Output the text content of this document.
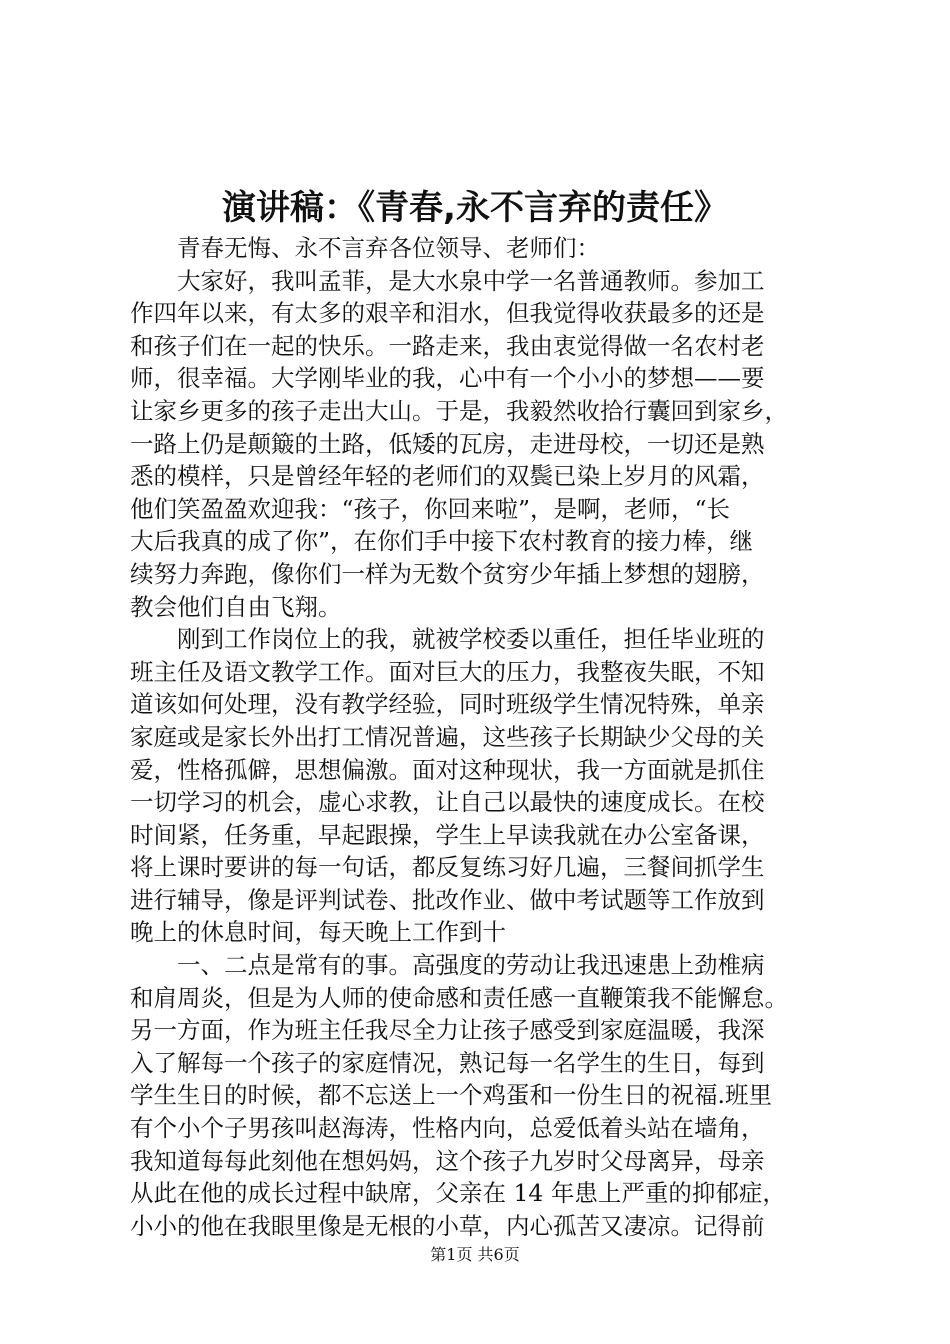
演讲稿：《青春,永不言弃的责任》
青春无悔、永不言弃各位领导、老师们：
大家好，我叫孟菲，是大水泉中学一名普通教师。参加工
作四年以来，有太多的艰辛和泪水，但我觉得收获最多的还是
和孩子们在一起的快乐。一路走来，我由衷觉得做一名农村老
师，很幸福。大学刚毕业的我，心中有一个小小的梦想——要
让家乡更多的孩子走出大山。于是，我毅然收拾行囊回到家乡，
一路上仍是颠簸的土路，低矮的瓦房，走进母校，一切还是熟
悉的模样，只是曾经年轻的老师们的双鬓已染上岁月的风霜，
他们笑盈盈欢迎我：“孩子，你回来啦”，是啊，老师，“长
大后我真的成了你”，在你们手中接下农村教育的接力棒，继
续努力奔跑，像你们一样为无数个贫穷少年插上梦想的翅膀，
教会他们自由飞翔。
刚到工作岗位上的我，就被学校委以重任，担任毕业班的
班主任及语文教学工作。面对巨大的压力，我整夜失眠，不知
道该如何处理，没有教学经验，同时班级学生情况特殊，单亲
家庭或是家长外出打工情况普遍，这些孩子长期缺少父母的关
爱，性格孤僻，思想偏激。面对这种现状，我一方面就是抓住
一切学习的机会，虚心求教，让自己以最快的速度成长。在校
时间紧，任务重，早起跟操，学生上早读我就在办公室备课，
将上课时要讲的每一句话，都反复练习好几遍，三餐间抓学生
进行辅导，像是评判试卷、批改作业、做中考试题等工作放到
晚上的休息时间，每天晚上工作到十
一、二点是常有的事。高强度的劳动让我迅速患上劲椎病
和肩周炎，但是为人师的使命感和责任感一直鞭策我不能懈怠。
另一方面，作为班主任我尽全力让孩子感受到家庭温暖，我深
入了解每一个孩子的家庭情况，熟记每一名学生的生日，每到
学生生日的时候，都不忘送上一个鸡蛋和一份生日的祝福.班里
有个小个子男孩叫赵海涛，性格内向，总爱低着头站在墙角，
我知道每每此刻他在想妈妈，这个孩子九岁时父母离异，母亲
从此在他的成长过程中缺席，父亲在 14 年患上严重的抑郁症，
小小的他在我眼里像是无根的小草，内心孤苦又凄凉。记得前
第1页 共6页
